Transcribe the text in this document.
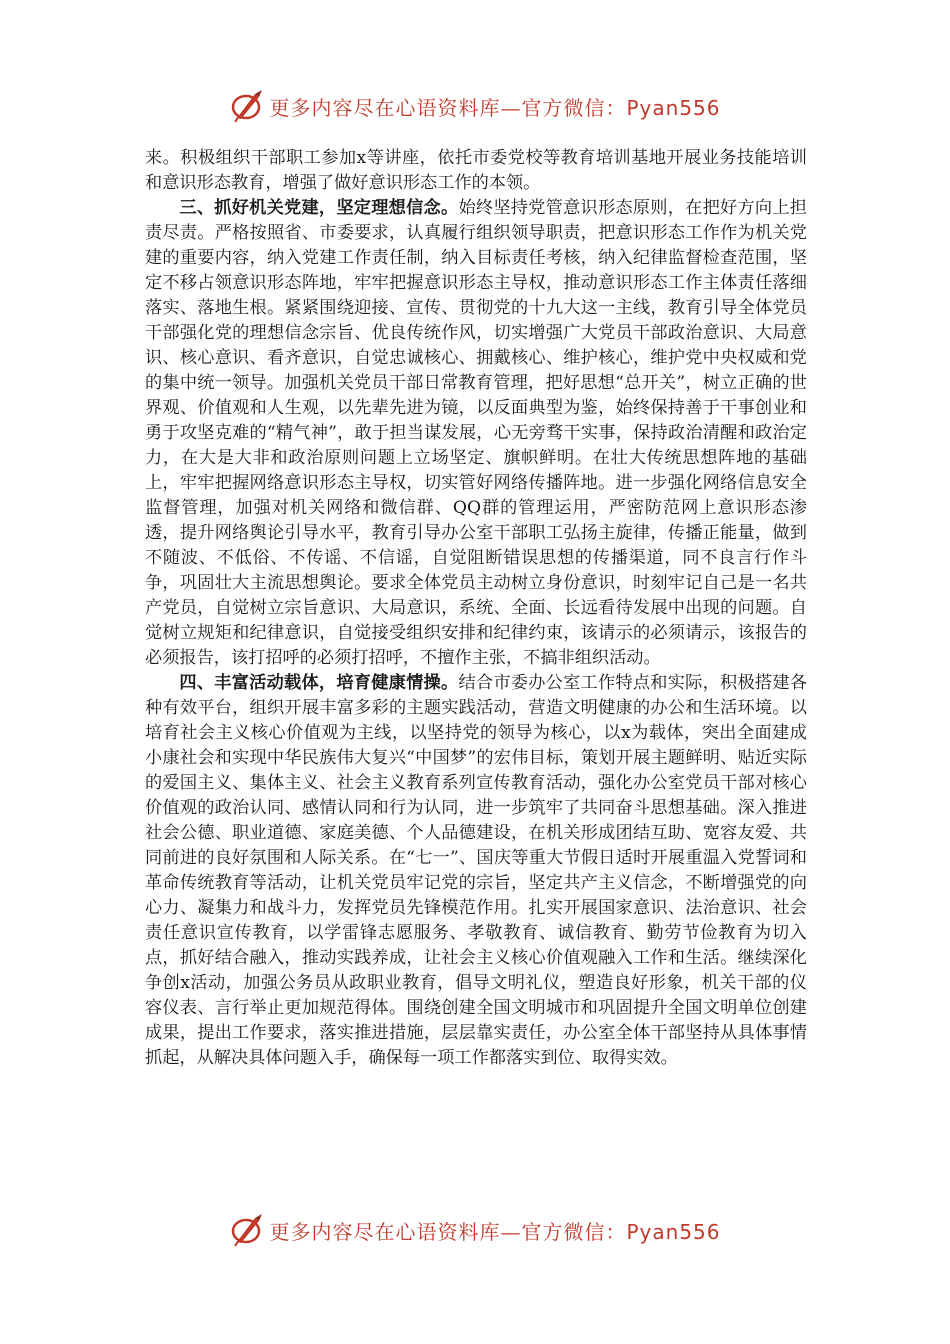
更多内容尽在心语资料库—官方微信：Pyan556

来。积极组织干部职工参加x等讲座，依托市委党校等教育培训基地开展业务技能培训和意识形态教育，增强了做好意识形态工作的本领。

三、抓好机关党建，坚定理想信念。始终坚持党管意识形态原则，在把好方向上担责尽责。严格按照省、市委要求，认真履行组织领导职责，把意识形态工作作为机关党建的重要内容，纳入党建工作责任制，纳入目标责任考核，纳入纪律监督检查范围，坚定不移占领意识形态阵地，牢牢把握意识形态主导权，推动意识形态工作主体责任落细落实、落地生根。紧紧围绕迎接、宣传、贯彻党的十九大这一主线，教育引导全体党员干部强化党的理想信念宗旨、优良传统作风，切实增强广大党员干部政治意识、大局意识、核心意识、看齐意识，自觉忠诚核心、拥戴核心、维护核心，维护党中央权威和党的集中统一领导。加强机关党员干部日常教育管理，把好思想“总开关”，树立正确的世界观、价值观和人生观，以先辈先进为镜，以反面典型为鉴，始终保持善于干事创业和勇于攻坚克难的“精气神”，敢于担当谋发展，心无旁骛干实事，保持政治清醒和政治定力，在大是大非和政治原则问题上立场坚定、旗帜鲜明。在壮大传统思想阵地的基础上，牢牢把握网络意识形态主导权，切实管好网络传播阵地。进一步强化网络信息安全监督管理，加强对机关网络和微信群、QQ群的管理运用，严密防范网上意识形态渗透，提升网络舆论引导水平，教育引导办公室干部职工弘扬主旋律，传播正能量，做到不随波、不低俗、不传谣、不信谣，自觉阻断错误思想的传播渠道，同不良言行作斗争，巩固壮大主流思想舆论。要求全体党员主动树立身份意识，时刻牢记自己是一名共产党员，自觉树立宗旨意识、大局意识，系统、全面、长远看待发展中出现的问题。自觉树立规矩和纪律意识，自觉接受组织安排和纪律约束，该请示的必须请示，该报告的必须报告，该打招呼的必须打招呼，不擅作主张，不搞非组织活动。

四、丰富活动载体，培育健康情操。结合市委办公室工作特点和实际，积极搭建各种有效平台，组织开展丰富多彩的主题实践活动，营造文明健康的办公和生活环境。以培育社会主义核心价值观为主线，以坚持党的领导为核心，以x为载体，突出全面建成小康社会和实现中华民族伟大复兴“中国梦”的宏伟目标，策划开展主题鲜明、贴近实际的爱国主义、集体主义、社会主义教育系列宣传教育活动，强化办公室党员干部对核心价值观的政治认同、感情认同和行为认同，进一步筑牢了共同奋斗思想基础。深入推进社会公德、职业道德、家庭美德、个人品德建设，在机关形成团结互助、宽容友爱、共同前进的良好氛围和人际关系。在“七一”、国庆等重大节假日适时开展重温入党誓词和革命传统教育等活动，让机关党员牢记党的宗旨，坚定共产主义信念，不断增强党的向心力、凝集力和战斗力，发挥党员先锋模范作用。扎实开展国家意识、法治意识、社会责任意识宣传教育，以学雷锋志愿服务、孝敬教育、诚信教育、勤劳节俭教育为切入点，抓好结合融入，推动实践养成，让社会主义核心价值观融入工作和生活。继续深化争创x活动，加强公务员从政职业教育，倡导文明礼仪，塑造良好形象，机关干部的仪容仪表、言行举止更加规范得体。围绕创建全国文明城市和巩固提升全国文明单位创建成果，提出工作要求，落实推进措施，层层靠实责任，办公室全体干部坚持从具体事情抓起，从解决具体问题入手，确保每一项工作都落实到位、取得实效。

更多内容尽在心语资料库—官方微信：Pyan556
